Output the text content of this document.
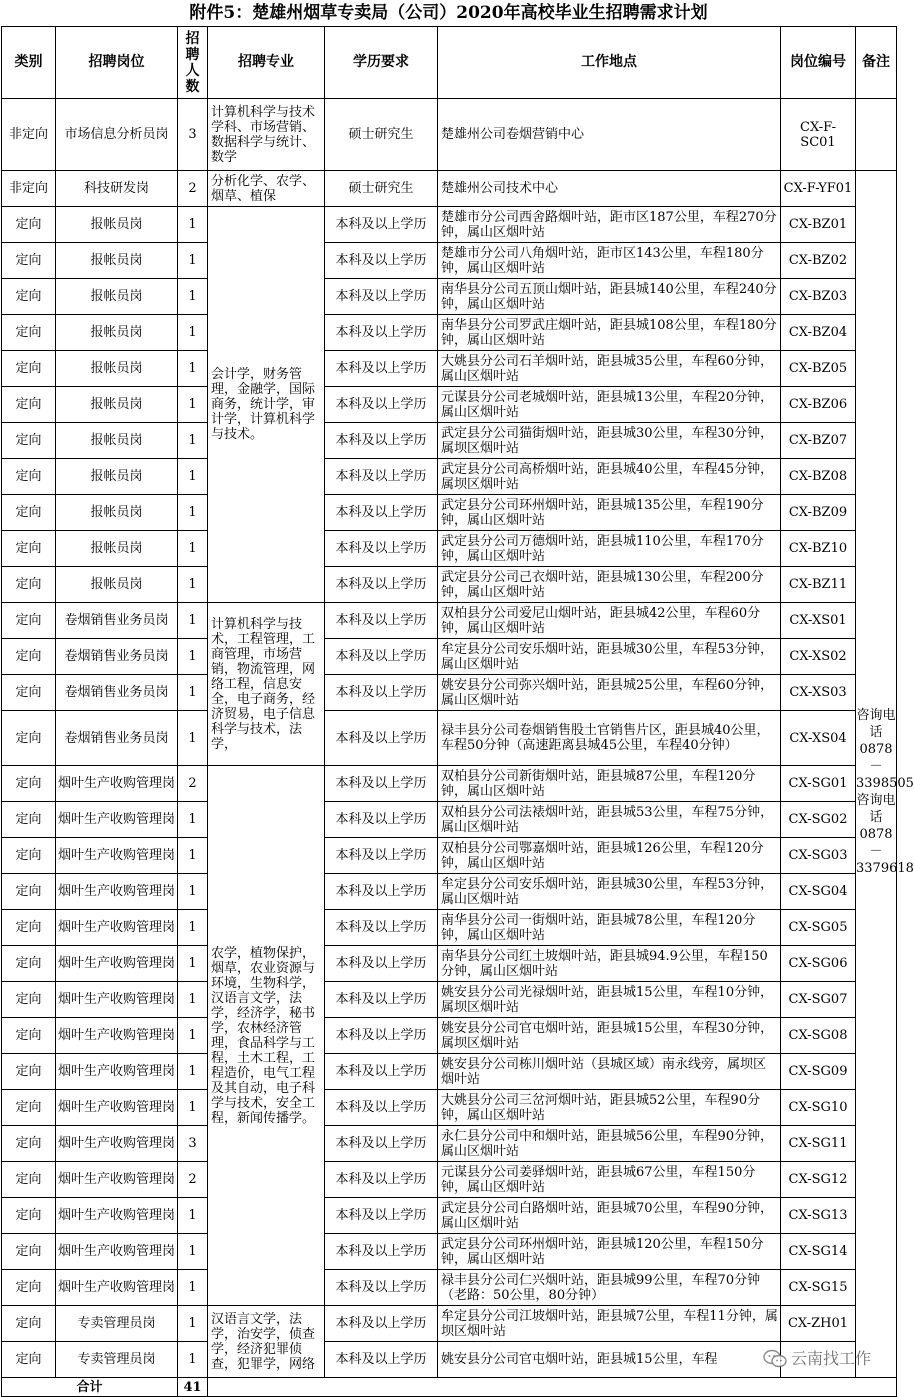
附件5：楚雄州烟草专卖局（公司）2020年高校毕业生招聘需求计划
类别	招聘岗位	招聘人数	招聘专业	学历要求	工作地点	岗位编号	备注
非定向	市场信息分析员岗	3	计算机科学与技术学科、市场营销、数据科学与统计、数学	硕士研究生	楚雄州公司卷烟营销中心	CX-F-SC01	
非定向	科技研发岗	2	分析化学、农学、烟草、植保	硕士研究生	楚雄州公司技术中心	CX-F-YF01	
定向	报帐员岗	1	会计学，财务管理，金融学，国际商务，统计学，审计学，计算机科学与技术。	本科及以上学历	楚雄市分公司西舍路烟叶站，距市区187公里，车程270分钟，属山区烟叶站	CX-BZ01	咨询电话0878－3398505咨询电话0878－3379618
定向	报帐员岗	1		本科及以上学历	楚雄市分公司八角烟叶站，距市区143公里，车程180分钟，属山区烟叶站	CX-BZ02	
定向	报帐员岗	1		本科及以上学历	南华县分公司五顶山烟叶站，距县城140公里，车程240分钟，属山区烟叶站	CX-BZ03	
定向	报帐员岗	1		本科及以上学历	南华县分公司罗武庄烟叶站，距县城108公里，车程180分钟，属山区烟叶站	CX-BZ04	
定向	报帐员岗	1		本科及以上学历	大姚县分公司石羊烟叶站，距县城35公里，车程60分钟，属山区烟叶站	CX-BZ05	
定向	报帐员岗	1		本科及以上学历	元谋县分公司老城烟叶站，距县城13公里，车程20分钟，属山区烟叶站	CX-BZ06	
定向	报帐员岗	1		本科及以上学历	武定县分公司猫街烟叶站，距县城30公里，车程30分钟，属坝区烟叶站	CX-BZ07	
定向	报帐员岗	1		本科及以上学历	武定县分公司高桥烟叶站，距县城40公里，车程45分钟，属坝区烟叶站	CX-BZ08	
定向	报帐员岗	1		本科及以上学历	武定县分公司环州烟叶站，距县城135公里，车程190分钟，属山区烟叶站	CX-BZ09	
定向	报帐员岗	1		本科及以上学历	武定县分公司万德烟叶站，距县城110公里，车程170分钟，属山区烟叶站	CX-BZ10	
定向	报帐员岗	1		本科及以上学历	武定县分公司己衣烟叶站，距县城130公里，车程200分钟，属山区烟叶站	CX-BZ11	
定向	卷烟销售业务员岗	1	计算机科学与技术，工程管理，工商管理，市场营销，物流管理，网络工程，信息安全，电子商务，经济贸易，电子信息科学与技术，法学，	本科及以上学历	双柏县分公司爱尼山烟叶站，距县城42公里，车程60分钟，属山区烟叶站	CX-XS01	
定向	卷烟销售业务员岗	1		本科及以上学历	牟定县分公司安乐烟叶站，距县城30公里，车程53分钟，属山区烟叶站	CX-XS02	
定向	卷烟销售业务员岗	1		本科及以上学历	姚安县分公司弥兴烟叶站，距县城25公里，车程60分钟，属山区烟叶站	CX-XS03	
定向	卷烟销售业务员岗	1		本科及以上学历	禄丰县分公司卷烟销售股土官销售片区，距县城40公里，车程50分钟（高速距离县城45公里，车程40分钟）	CX-XS04	
定向	烟叶生产收购管理岗	2	农学，植物保护，烟草，农业资源与环境，生物科学，汉语言文学，法学，经济学，秘书学，农林经济管理，食品科学与工程，土木工程，工程造价，电气工程及其自动，电子科学与技术，安全工程，新闻传播学。	本科及以上学历	双柏县分公司新街烟叶站，距县城87公里，车程120分钟，属山区烟叶站	CX-SG01	
定向	烟叶生产收购管理岗	1		本科及以上学历	双柏县分公司法裱烟叶站，距县城53公里，车程75分钟，属山区烟叶站	CX-SG02	
定向	烟叶生产收购管理岗	1		本科及以上学历	双柏县分公司鄂嘉烟叶站，距县城126公里，车程120分钟，属山区烟叶站	CX-SG03	
定向	烟叶生产收购管理岗	1		本科及以上学历	牟定县分公司安乐烟叶站，距县城30公里，车程53分钟，属山区烟叶站	CX-SG04	
定向	烟叶生产收购管理岗	1		本科及以上学历	南华县分公司一街烟叶站，距县城78公里，车程120分钟，属山区烟叶站	CX-SG05	
定向	烟叶生产收购管理岗	1		本科及以上学历	南华县分公司红土坡烟叶站，距县城94.9公里，车程150分钟，属山区烟叶站	CX-SG06	
定向	烟叶生产收购管理岗	1		本科及以上学历	姚安县分公司光禄烟叶站，距县城15公里，车程10分钟，属坝区烟叶站	CX-SG07	
定向	烟叶生产收购管理岗	1		本科及以上学历	姚安县分公司官屯烟叶站，距县城15公里，车程30分钟，属坝区烟叶站	CX-SG08	
定向	烟叶生产收购管理岗	1		本科及以上学历	姚安县分公司栋川烟叶站（县城区域）南永线旁，属坝区烟叶站	CX-SG09	
定向	烟叶生产收购管理岗	1		本科及以上学历	大姚县分公司三岔河烟叶站，距县城52公里，车程90分钟，属山区烟叶站	CX-SG10	
定向	烟叶生产收购管理岗	3		本科及以上学历	永仁县分公司中和烟叶站，距县城56公里，车程90分钟，属山区烟叶站	CX-SG11	
定向	烟叶生产收购管理岗	2		本科及以上学历	元谋县分公司姜驿烟叶站，距县城67公里，车程150分钟，属山区烟叶站	CX-SG12	
定向	烟叶生产收购管理岗	1		本科及以上学历	武定县分公司白路烟叶站，距县城70公里，车程90分钟，属山区烟叶站	CX-SG13	
定向	烟叶生产收购管理岗	1		本科及以上学历	武定县分公司环州烟叶站，距县城120公里，车程150分钟，属山区烟叶站	CX-SG14	
定向	烟叶生产收购管理岗	1		本科及以上学历	禄丰县分公司仁兴烟叶站，距县城99公里，车程70分钟（老路：50公里，80分钟）	CX-SG15	
定向	专卖管理员岗	1	汉语言文学，法学，治安学，侦查学，经济犯罪侦查，犯罪学，网络	本科及以上学历	牟定县分公司江坡烟叶站，距县城7公里，车程11分钟，属坝区烟叶站	CX-ZH01	
定向	专卖管理员岗	1		本科及以上学历	姚安县分公司官屯烟叶站，距县城15公里，车程		
合计		41					
云南找工作
